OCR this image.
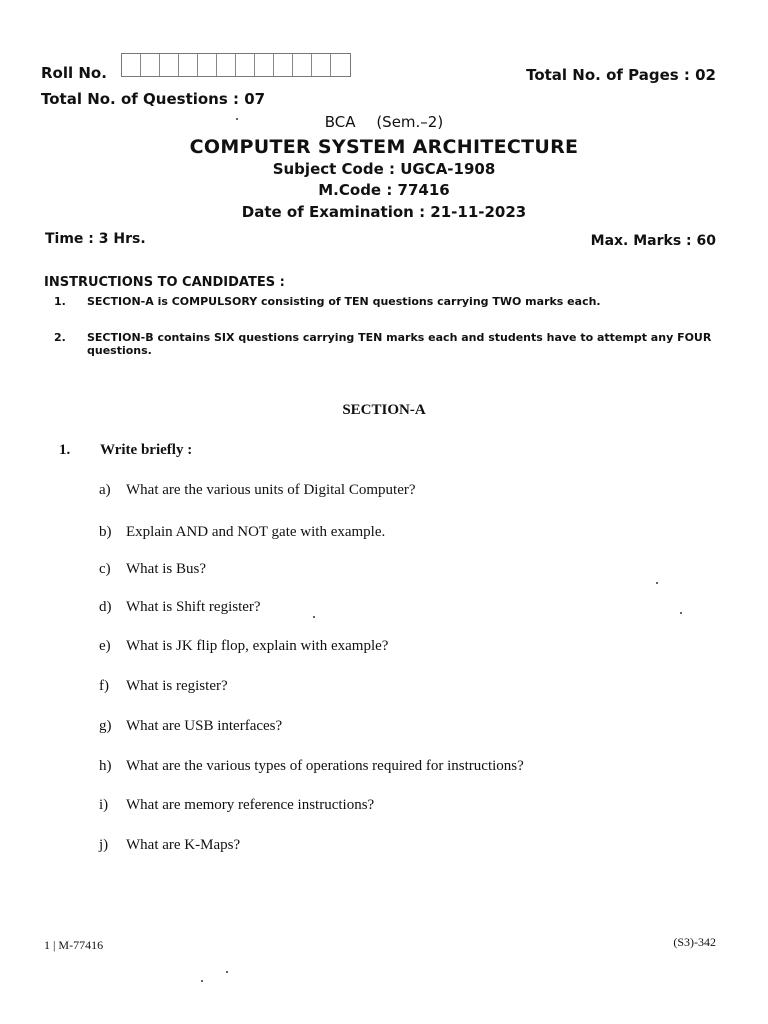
Roll No.	Total No. of Pages : 02
Total No. of Questions : 07
BCA (Sem.–2)
COMPUTER SYSTEM ARCHITECTURE
Subject Code : UGCA-1908
M.Code : 77416
Date of Examination : 21-11-2023
Time : 3 Hrs.	Max. Marks : 60
INSTRUCTIONS TO CANDIDATES :
1.	SECTION-A is COMPULSORY consisting of TEN questions carrying TWO marks each.
2.	SECTION-B contains SIX questions carrying TEN marks each and students have to attempt any FOUR questions.
SECTION-A
1. Write briefly :
a)	What are the various units of Digital Computer?
b) Explain AND and NOT gate with example.
c)	What is Bus?
d) What is Shift register?
e)	What is JK flip flop, explain with example?
f)	What is register?
g) What are USB interfaces?
h) What are the various types of operations required for instructions?
i)	What are memory reference instructions?
j)	What are K-Maps?
1 | M-77416	(S3)-342
